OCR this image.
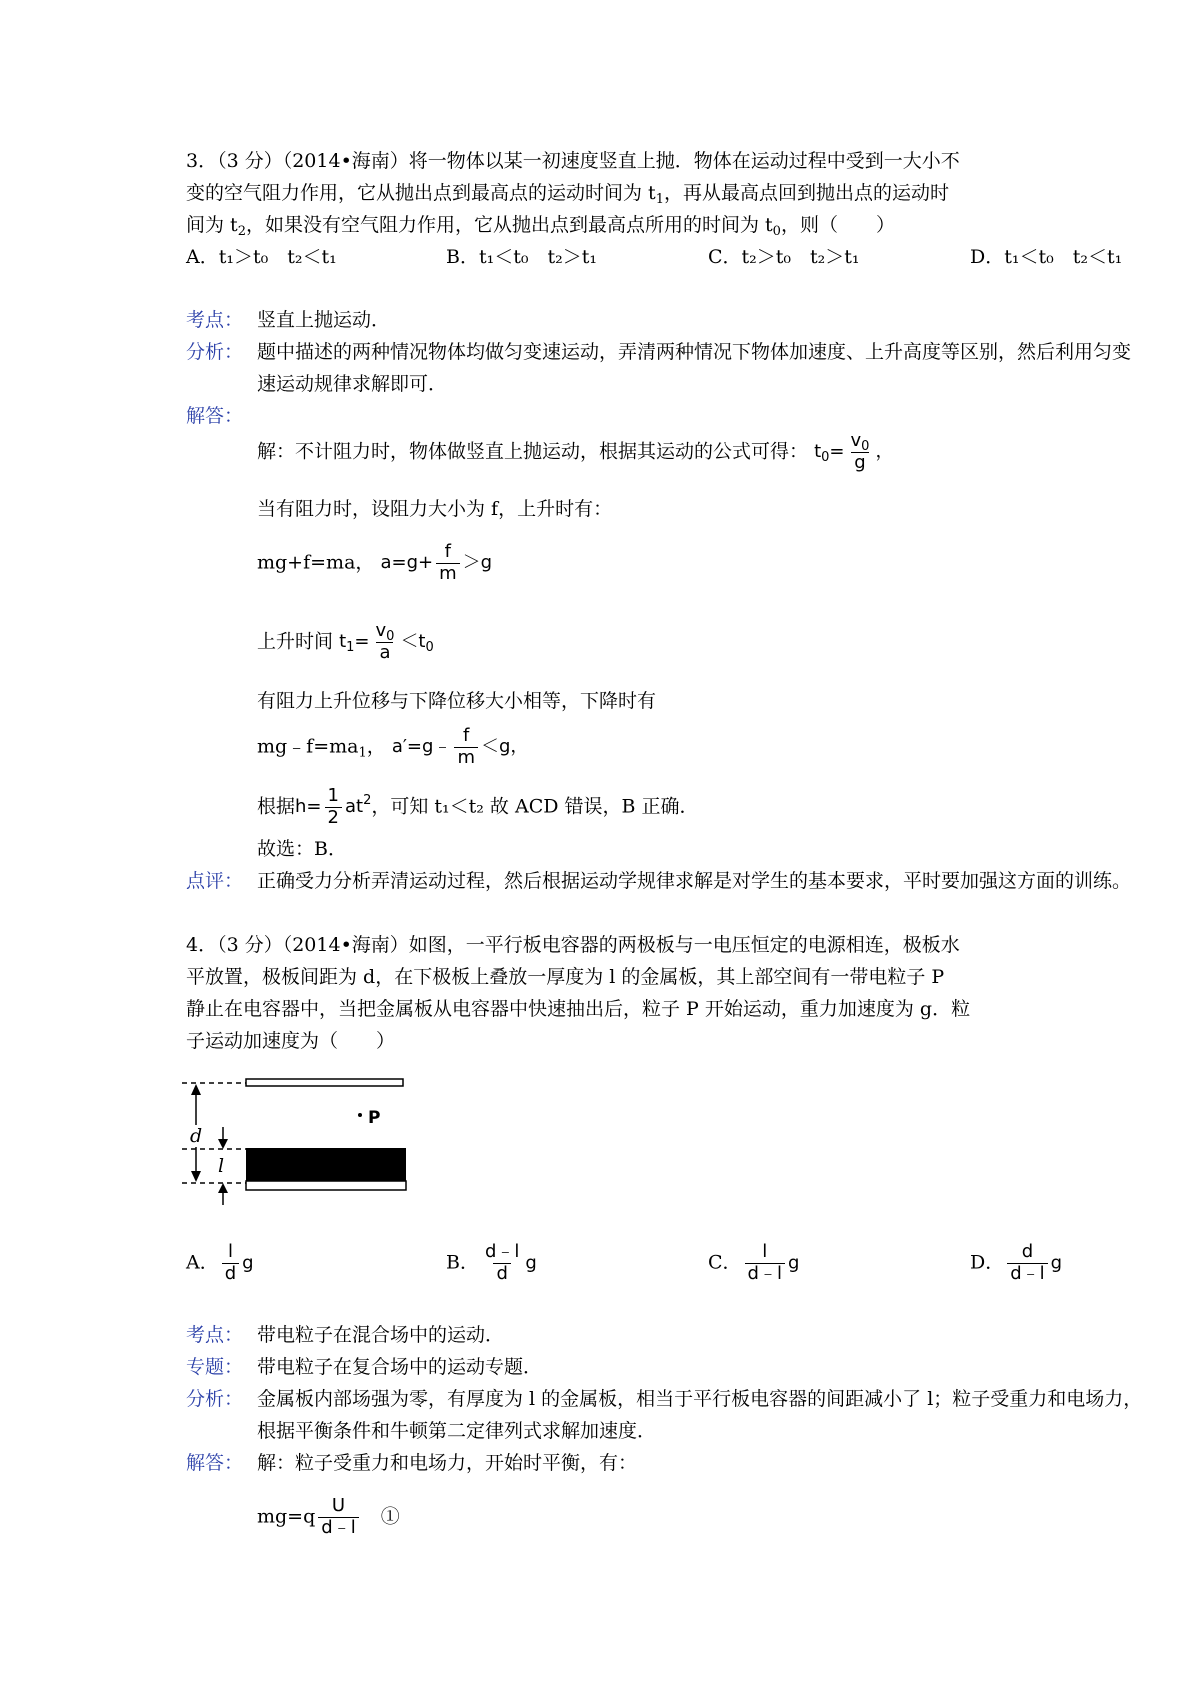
3．（3 分）（2014•海南）将一物体以某一初速度竖直上抛．物体在运动过程中受到一大小不
变的空气阻力作用，它从抛出点到最高点的运动时间为 $t_1$，再从最高点回到抛出点的运动时
间为 $t_2$，如果没有空气阻力作用，它从抛出点到最高点所用的时间为 $t_0$，则（　　）
A．t₁＞t₀　t₂＜t₁	B．t₁＜t₀　t₂＞t₁	C．t₂＞t₀　t₂＞t₁	D．t₁＜t₀　t₂＜t₁
考点： 竖直上抛运动．
分析： 题中描述的两种情况物体均做匀变速运动，弄清两种情况下物体加速度、上升高度等区别，然后利用匀变
速运动规律求解即可．
解答：
解：不计阻力时，物体做竖直上抛运动，根据其运动的公式可得： $t_0= \frac{v_0}{g}$ ，
当有阻力时，设阻力大小为 f，上升时有：
mg+f=ma， $a=g+ \frac{f}{m} >g$
上升时间 $t_1= \frac{v_0}{a} <t_0$
有阻力上升位移与下降位移大小相等，下降时有
$mg﹣f=ma_1$， a′=g﹣ $\frac{f}{m} <g$，
根据$h= \frac{1}{2} at^2$，可知 t₁＜t₂ 故 ACD 错误，B 正确．
故选：B．
点评： 正确受力分析弄清运动过程，然后根据运动学规律求解是对学生的基本要求，平时要加强这方面的训练。
4．（3 分）（2014•海南）如图，一平行板电容器的两极板与一电压恒定的电源相连，极板水
平放置，极板间距为 d，在下极板上叠放一厚度为 l 的金属板，其上部空间有一带电粒子 P
静止在电容器中，当把金属板从电容器中快速抽出后，粒子 P 开始运动，重力加速度为 g．粒
子运动加速度为（　　）
P
d
l
A． $\frac{l}{d}$ g	B． $\frac{d﹣l}{d}$ g	C． $\frac{l}{d﹣l}$ g	D． $\frac{d}{d﹣l}$ g
考点： 带电粒子在混合场中的运动．
专题： 带电粒子在复合场中的运动专题．
分析： 金属板内部场强为零，有厚度为 l 的金属板，相当于平行板电容器的间距减小了 l；粒子受重力和电场力，
根据平衡条件和牛顿第二定律列式求解加速度．
解答： 解：粒子受重力和电场力，开始时平衡，有：
$mg=q \frac{U}{d﹣l}$
　 ①
